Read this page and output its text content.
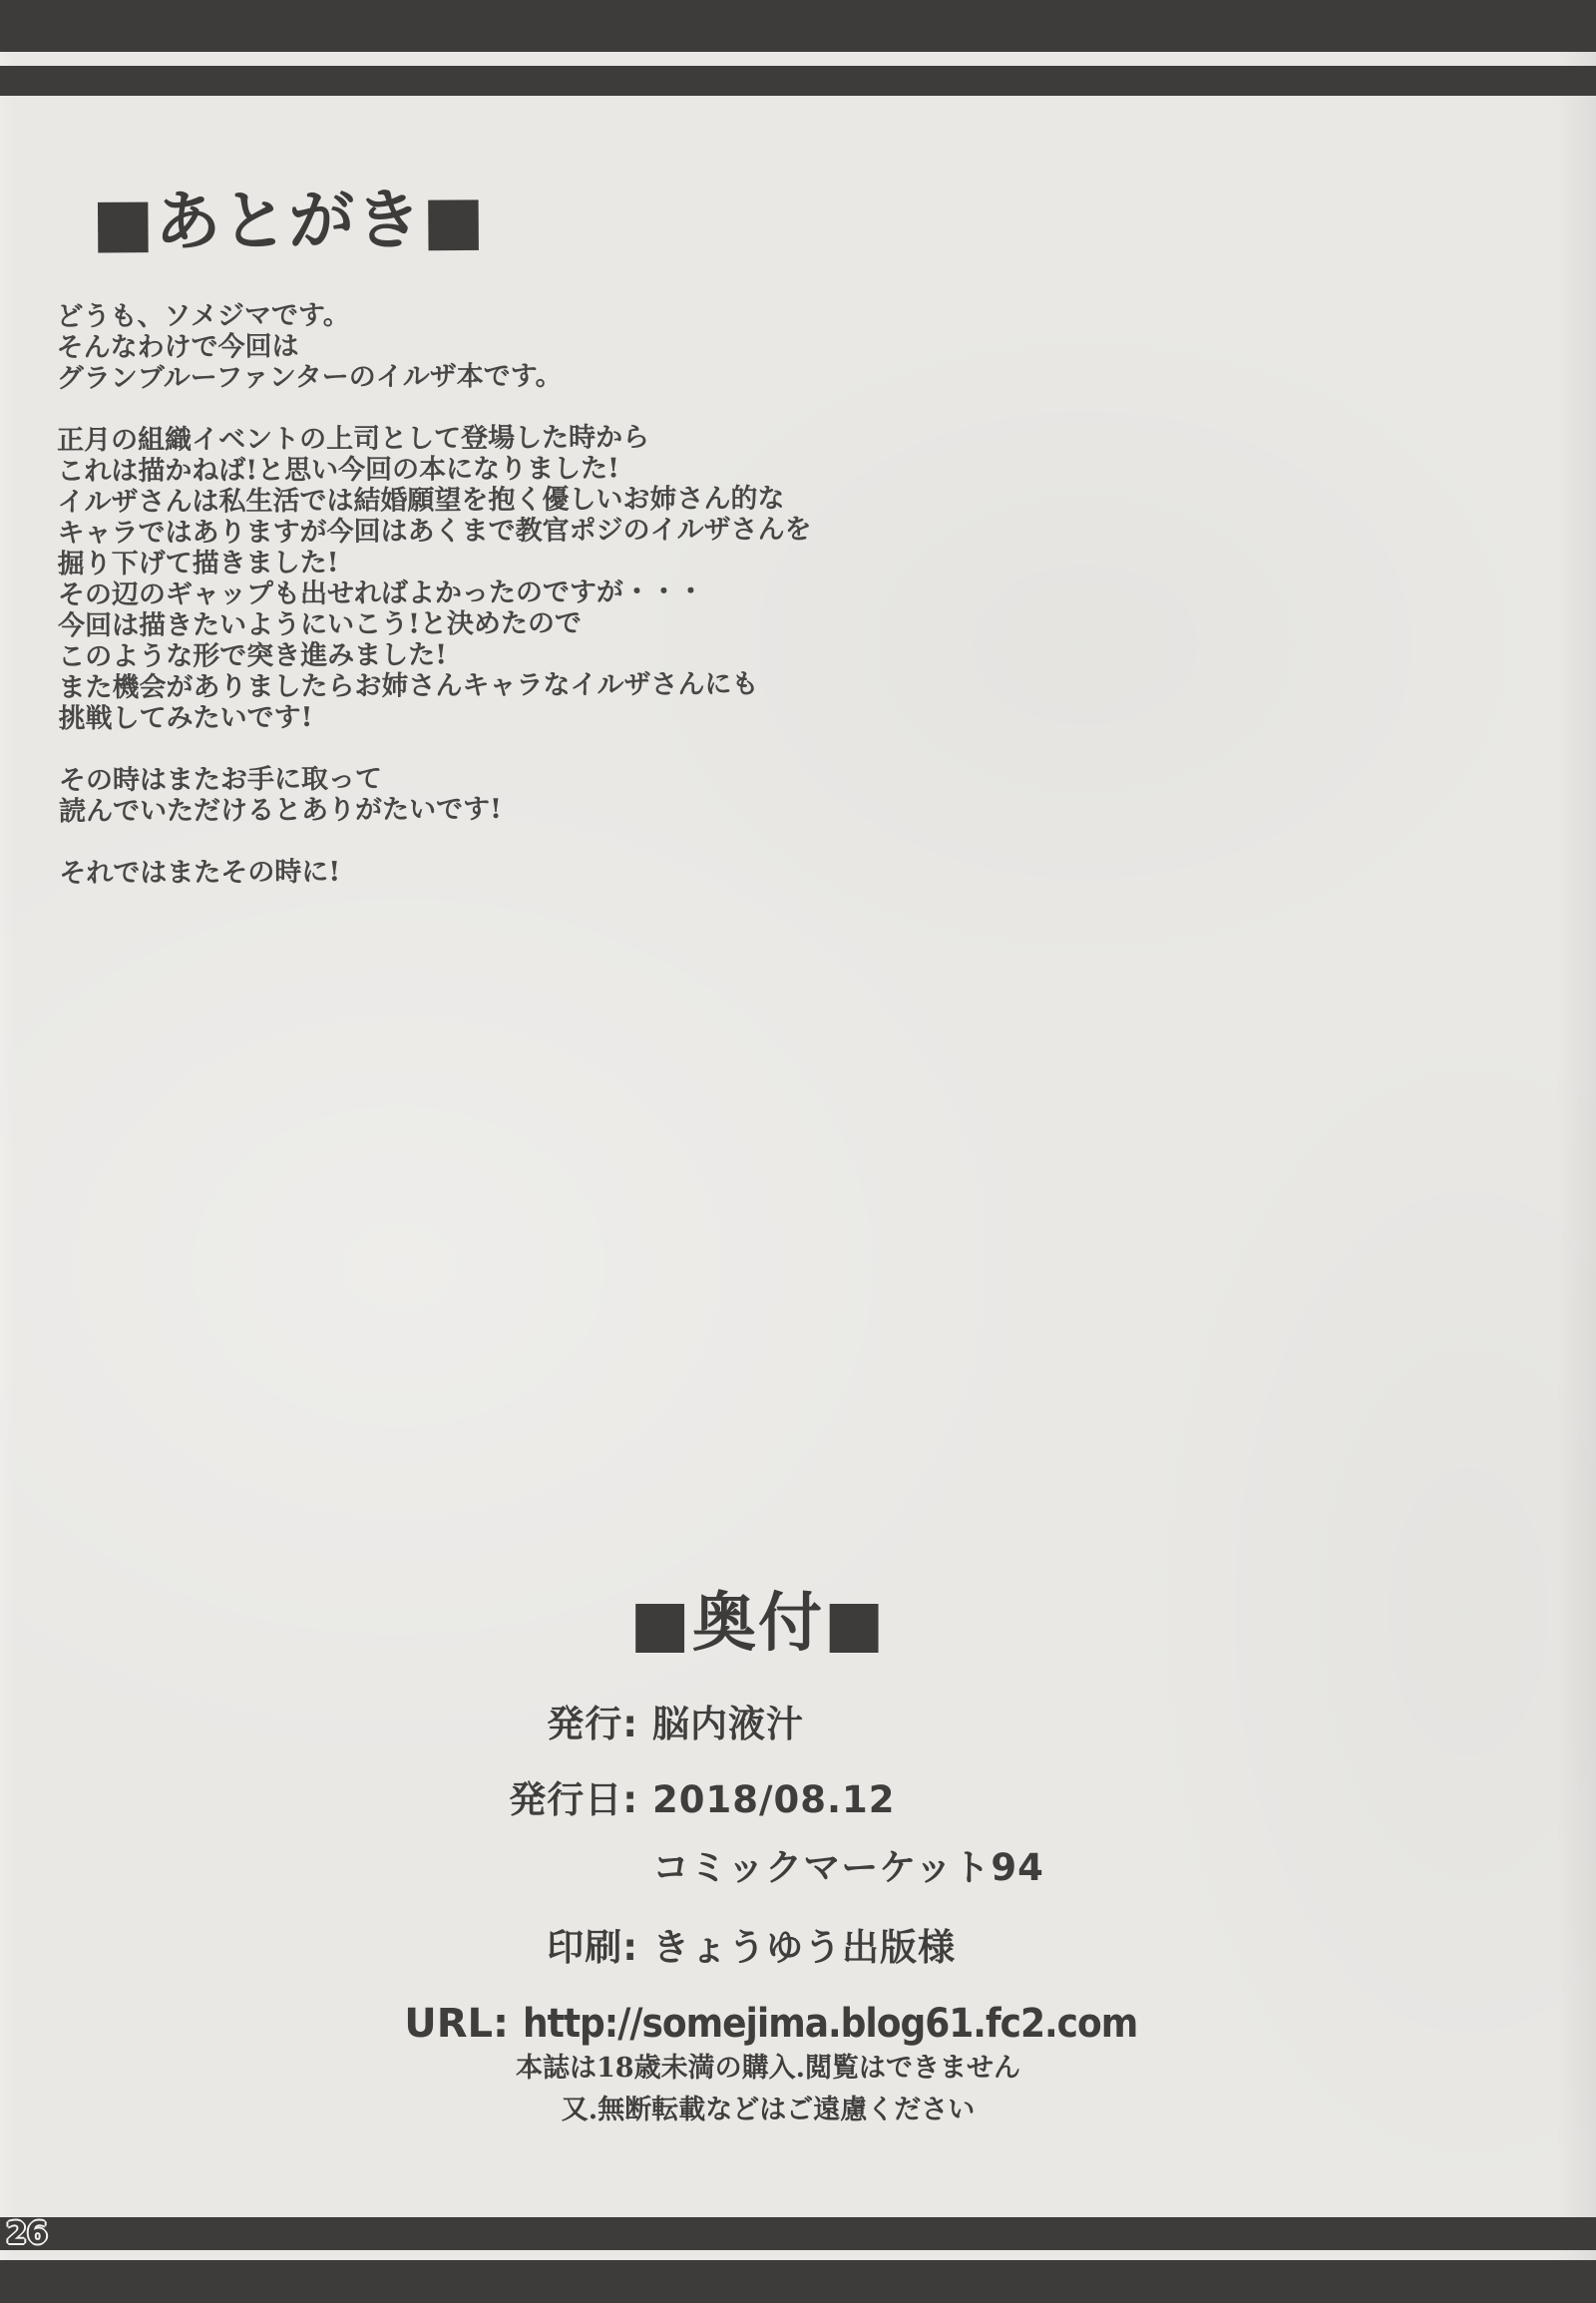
■あとがき■

どうも、ソメジマです。
そんなわけで今回は
グランブルーファンターのイルザ本です。

正月の組織イベントの上司として登場した時から
これは描かねば!と思い今回の本になりました!
イルザさんは私生活では結婚願望を抱く優しいお姉さん的な
キャラではありますが今回はあくまで教官ポジのイルザさんを
掘り下げて描きました!
その辺のギャップも出せればよかったのですが・・・
今回は描きたいようにいこう!と決めたので
このような形で突き進みました!
また機会がありましたらお姉さんキャラなイルザさんにも
挑戦してみたいです!

その時はまたお手に取って
読んでいただけるとありがたいです!

それではまたその時に!

■奥付■
発行: 脳内液汁
発行日: 2018/08.12
コミックマーケット94
印刷: きょうゆう出版様
URL: http://somejima.blog61.fc2.com
本誌は18歳未満の購入.閲覧はできません
又.無断転載などはご遠慮ください
26
